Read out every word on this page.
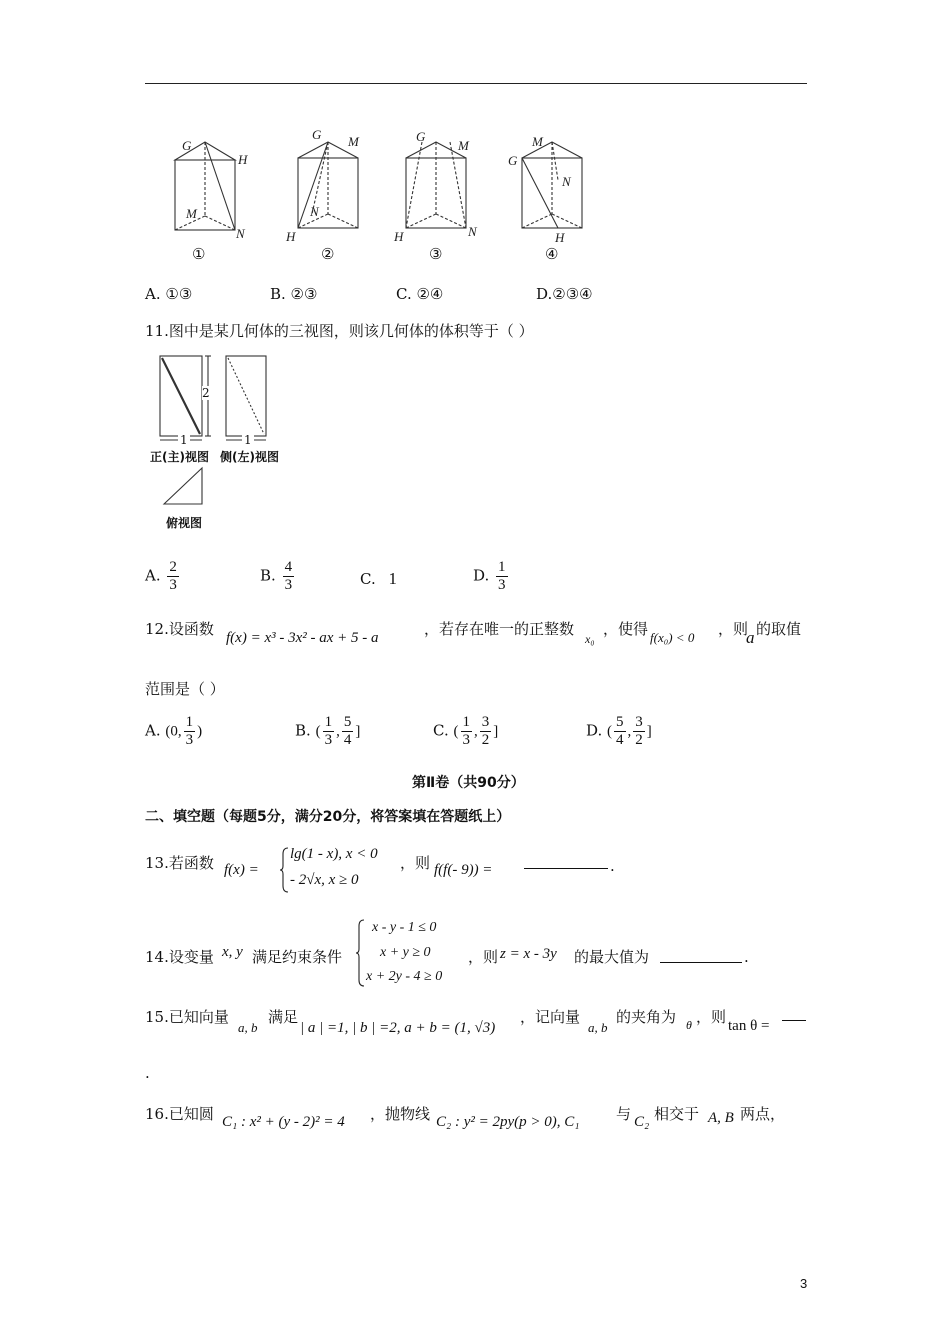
G
H
M
N
G M
N
H
G
M
H	N
G
M
N
H
①	②	③	④
A. ①③	B. ②③	C. ②④	D.②③④
11.图中是某几何体的三视图，则该几何体的体积等于（ ）
2
1	1
正(主)视图 侧(左)视图
俯视图
A. $\frac{2}{3}$	B. $\frac{4}{3}$	C. 1	D. $\frac{1}{3}$
12.设函数 f(x) = x³ - 3x² - ax + 5 - a	，若存在唯一的正整数
x₀
，使得 f(x₀) < 0 ，则
a 的取值
范围是（ ）
A. (0, $\frac{1}{3}$ )	B. ( $\frac{1}{3}$ , $\frac{5}{4}$ ]	C. ( $\frac{1}{3}$ , $\frac{3}{2}$ ]	D. ( $\frac{5}{4}$ , $\frac{3}{2}$ ]
第Ⅱ卷（共90分）
二、填空题（每题5分，满分20分，将答案填在答题纸上）
13.若函数 f(x) =
lg(1 - x), x < 0
- 2√x, x ≥ 0
，则 f(f(- 9)) =	.
14.设变量 x, y 满足约束条件
x - y - 1 ≤ 0
x + y ≥ 0
x + 2y - 4 ≥ 0
，则 z = x - 3y 的最大值为	.
15.已知向量
a, b
满足
| a | =1, | b | =2, a + b = (1, √3)
，记向量
a, b
的夹角为 θ ，则 tan θ =
.
16.已知圆 C₁ : x² + (y - 2)² = 4 ，抛物线 C₂ : y² = 2py(p > 0), C₁ 与 C₂ 相交于 A, B 两点，
3
